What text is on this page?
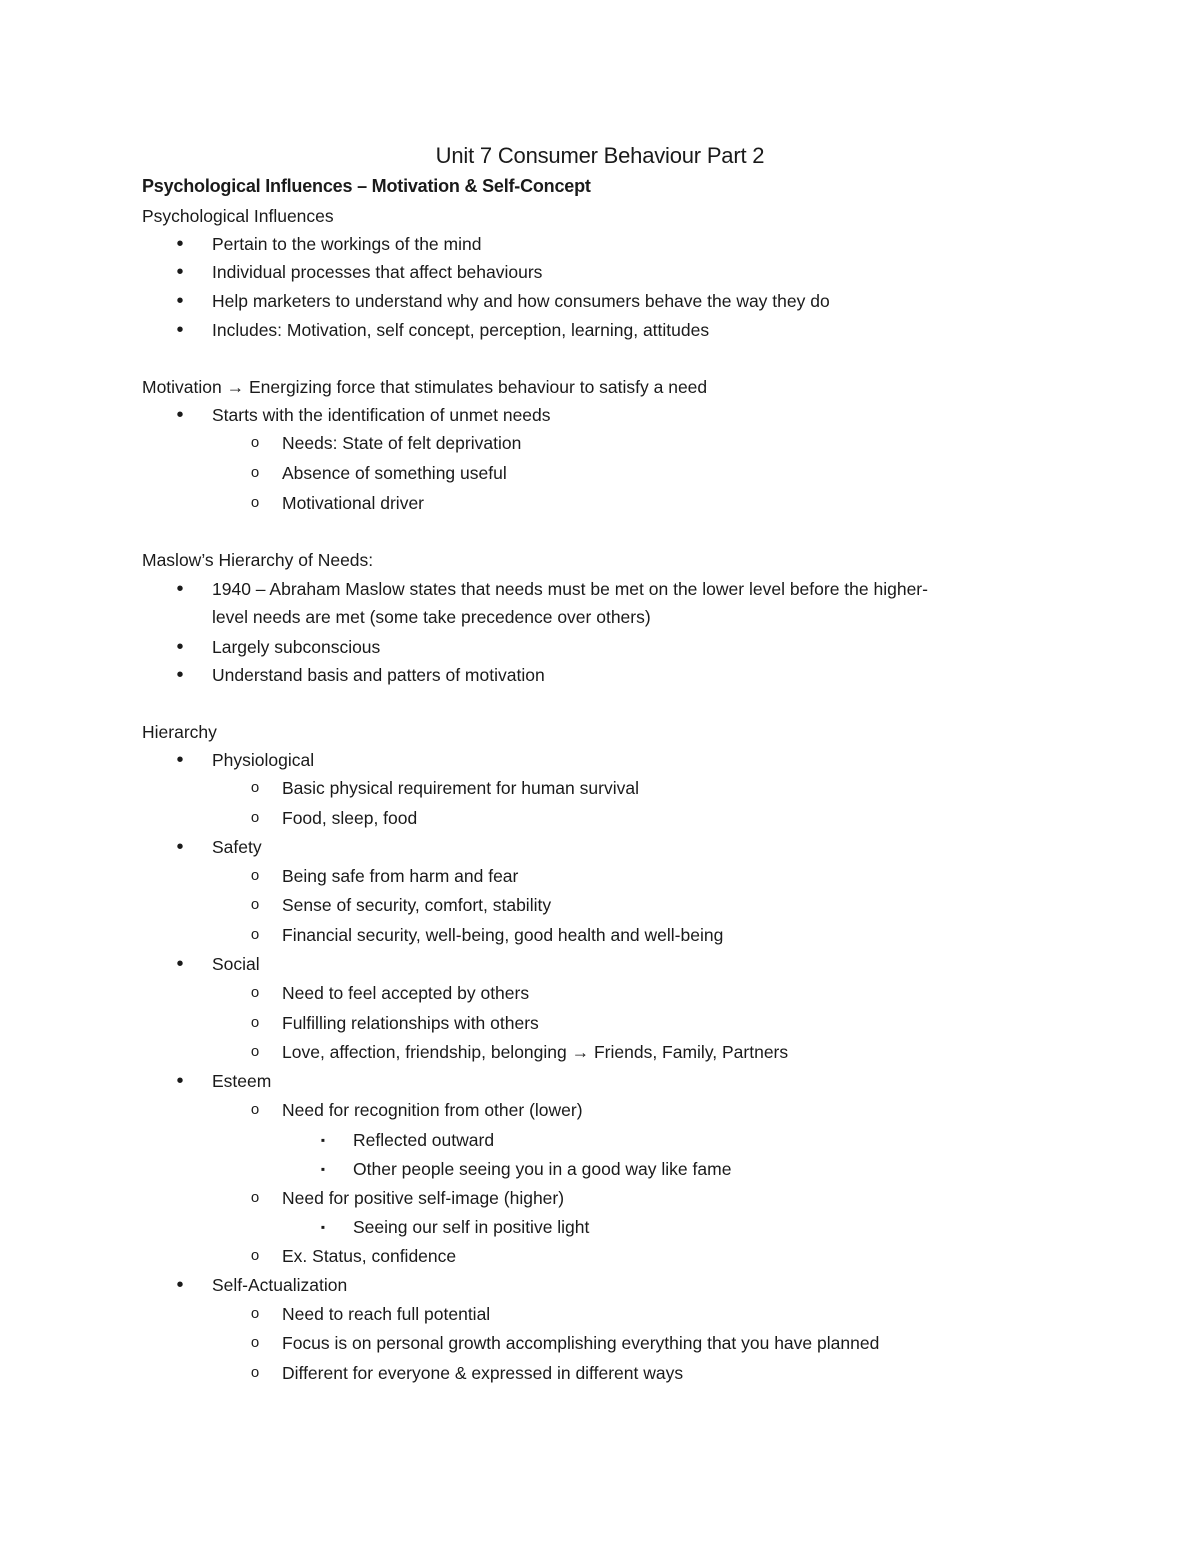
Unit 7 Consumer Behaviour Part 2
Psychological Influences – Motivation & Self-Concept

Psychological Influences

• Pertain to the workings of the mind

• Individual processes that affect behaviours

• Help marketers to understand why and how consumers behave the way they do

• Includes: Motivation, self concept, perception, learning, attitudes

Motivation → Energizing force that stimulates behaviour to satisfy a need

• Starts with the identification of unmet needs

o Needs: State of felt deprivation

o Absence of something useful

o Motivational driver

Maslow’s Hierarchy of Needs:

• 1940 – Abraham Maslow states that needs must be met on the lower level before the higher-

level needs are met (some take precedence over others)

• Largely subconscious

• Understand basis and patters of motivation

Hierarchy

• Physiological

o Basic physical requirement for human survival

o Food, sleep, food

• Safety

o Being safe from harm and fear

o Sense of security, comfort, stability

o Financial security, well-being, good health and well-being

• Social

o Need to feel accepted by others

o Fulfilling relationships with others

o Love, affection, friendship, belonging → Friends, Family, Partners

• Esteem

o Need for recognition from other (lower)

▪ Reflected outward

▪ Other people seeing you in a good way like fame

o Need for positive self-image (higher)

▪ Seeing our self in positive light

o Ex. Status, confidence

• Self-Actualization

o Need to reach full potential

o Focus is on personal growth accomplishing everything that you have planned

o Different for everyone & expressed in different ways
